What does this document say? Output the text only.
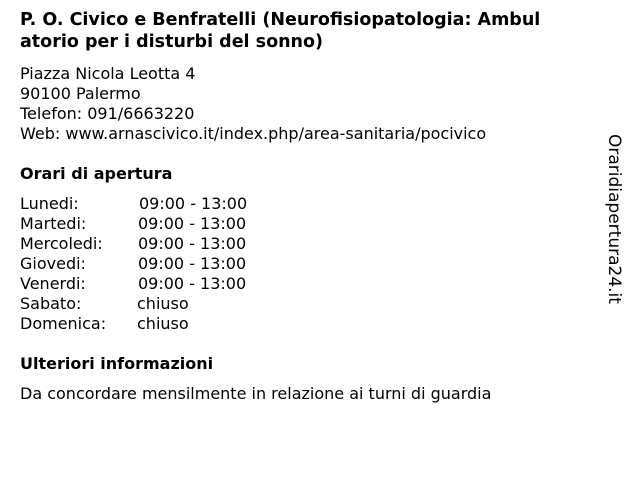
P. O. Civico e Benfratelli (Neurofisiopatologia: Ambul
atorio per i disturbi del sonno)
Piazza Nicola Leotta 4
90100 Palermo
Telefon: 091/6663220
Web: www.arnascivico.it/index.php/area-sanitaria/pocivico
Orari di apertura
Lunedi:	09:00 - 13:00
Martedi:	09:00 - 13:00
Mercoledi: 09:00 - 13:00
Giovedi:	09:00 - 13:00
Venerdi:	09:00 - 13:00
Sabato:	chiuso
Domenica: chiuso
Ulteriori informazioni
Da concordare mensilmente in relazione ai turni di guardia
Oraridiapertura24.it
